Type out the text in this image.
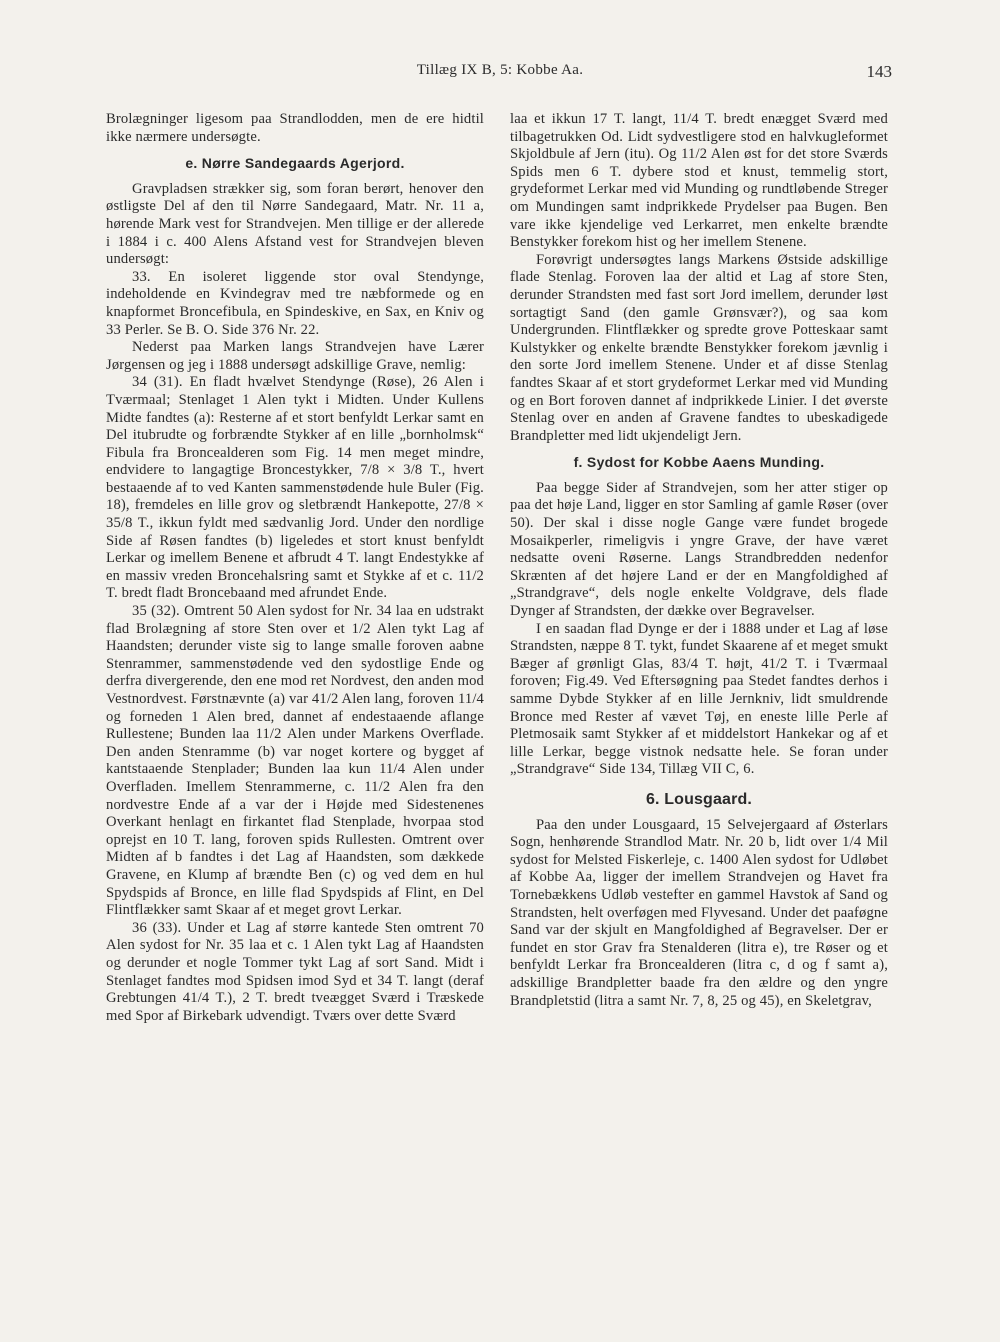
Tillæg IX B, 5: Kobbe Aa.	143

Brolægninger ligesom paa Strandlodden, men de ere hidtil ikke nærmere undersøgte.

e. Nørre Sandegaards Agerjord.

Gravpladsen strækker sig, som foran berørt, henover den østligste Del af den til Nørre Sandegaard, Matr. Nr. 11 a, hørende Mark vest for Strandvejen. Men tillige er der allerede i 1884 i c. 400 Alens Afstand vest for Strandvejen bleven undersøgt:

33. En isoleret liggende stor oval Stendynge, indeholdende en Kvindegrav med tre næbformede og en knapformet Broncefibula, en Spindeskive, en Sax, en Kniv og 33 Perler. Se B. O. Side 376 Nr. 22.

Nederst paa Marken langs Strandvejen have Lærer Jørgensen og jeg i 1888 undersøgt adskillige Grave, nemlig:

34 (31). En fladt hvælvet Stendynge (Røse), 26 Alen i Tværmaal; Stenlaget 1 Alen tykt i Midten. Under Kullens Midte fandtes (a): Resterne af et stort benfyldt Lerkar samt en Del itubrudte og forbrændte Stykker af en lille „bornholmsk“ Fibula fra Broncealderen som Fig. 14 men meget mindre, endvidere to langagtige Broncestykker, 7/8 × 3/8 T., hvert bestaaende af to ved Kanten sammenstødende hule Buler (Fig. 18), fremdeles en lille grov og sletbrændt Hankepotte, 27/8 × 35/8 T., ikkun fyldt med sædvanlig Jord. Under den nordlige Side af Røsen fandtes (b) ligeledes et stort knust benfyldt Lerkar og imellem Benene et afbrudt 4 T. langt Endestykke af en massiv vreden Broncehalsring samt et Stykke af et c. 11/2 T. bredt fladt Broncebaand med afrundet Ende.

35 (32). Omtrent 50 Alen sydost for Nr. 34 laa en udstrakt flad Brolægning af store Sten over et 1/2 Alen tykt Lag af Haandsten; derunder viste sig to lange smalle foroven aabne Stenrammer, sammenstødende ved den sydostlige Ende og derfra divergerende, den ene mod ret Nordvest, den anden mod Vestnordvest. Førstnævnte (a) var 41/2 Alen lang, foroven 11/4 og forneden 1 Alen bred, dannet af endestaaende aflange Rullestene; Bunden laa 11/2 Alen under Markens Overflade. Den anden Stenramme (b) var noget kortere og bygget af kantstaaende Stenplader; Bunden laa kun 11/4 Alen under Overfladen. Imellem Stenrammerne, c. 11/2 Alen fra den nordvestre Ende af a var der i Højde med Sidestenenes Overkant henlagt en firkantet flad Stenplade, hvorpaa stod oprejst en 10 T. lang, foroven spids Rullesten. Omtrent over Midten af b fandtes i det Lag af Haandsten, som dækkede Gravene, en Klump af brændte Ben (c) og ved dem en hul Spydspids af Bronce, en lille flad Spydspids af Flint, en Del Flintflækker samt Skaar af et meget grovt Lerkar.

36 (33). Under et Lag af større kantede Sten omtrent 70 Alen sydost for Nr. 35 laa et c. 1 Alen tykt Lag af Haandsten og derunder et nogle Tommer tykt Lag af sort Sand. Midt i Stenlaget fandtes mod Spidsen imod Syd et 34 T. langt (deraf Grebtungen 41/4 T.), 2 T. bredt tveægget Sværd i Træskede med Spor af Birkebark udvendigt. Tværs over dette Sværd

laa et ikkun 17 T. langt, 11/4 T. bredt enægget Sværd med tilbagetrukken Od. Lidt sydvestligere stod en halvkugleformet Skjoldbule af Jern (itu). Og 11/2 Alen øst for det store Sværds Spids men 6 T. dybere stod et knust, temmelig stort, grydeformet Lerkar med vid Munding og rundtløbende Streger om Mundingen samt indprikkede Prydelser paa Bugen. Ben vare ikke kjendelige ved Lerkarret, men enkelte brændte Benstykker forekom hist og her imellem Stenene.

Forøvrigt undersøgtes langs Markens Østside adskillige flade Stenlag. Foroven laa der altid et Lag af store Sten, derunder Strandsten med fast sort Jord imellem, derunder løst sortagtigt Sand (den gamle Grønsvær?), og saa kom Undergrunden. Flintflækker og spredte grove Potteskaar samt Kulstykker og enkelte brændte Benstykker forekom jævnlig i den sorte Jord imellem Stenene. Under et af disse Stenlag fandtes Skaar af et stort grydeformet Lerkar med vid Munding og en Bort foroven dannet af indprikkede Linier. I det øverste Stenlag over en anden af Gravene fandtes to ubeskadigede Brandpletter med lidt ukjendeligt Jern.

f. Sydost for Kobbe Aaens Munding.

Paa begge Sider af Strandvejen, som her atter stiger op paa det høje Land, ligger en stor Samling af gamle Røser (over 50). Der skal i disse nogle Gange være fundet brogede Mosaikperler, rimeligvis i yngre Grave, der have været nedsatte oveni Røserne. Langs Strandbredden nedenfor Skrænten af det højere Land er der en Mangfoldighed af „Strandgrave“, dels nogle enkelte Voldgrave, dels flade Dynger af Strandsten, der dække over Begravelser.

I en saadan flad Dynge er der i 1888 under et Lag af løse Strandsten, næppe 8 T. tykt, fundet Skaarene af et meget smukt Bæger af grønligt Glas, 83/4 T. højt, 41/2 T. i Tværmaal foroven; Fig.49. Ved Eftersøgning paa Stedet fandtes derhos i samme Dybde Stykker af en lille Jernkniv, lidt smuldrende Bronce med Rester af vævet Tøj, en eneste lille Perle af Pletmosaik samt Stykker af et middelstort Hankekar og af et lille Lerkar, begge vistnok nedsatte hele. Se foran under „Strandgrave“ Side 134, Tillæg VII C, 6.

6. Lousgaard.

Paa den under Lousgaard, 15 Selvejergaard af Østerlars Sogn, henhørende Strandlod Matr. Nr. 20 b, lidt over 1/4 Mil sydost for Melsted Fiskerleje, c. 1400 Alen sydost for Udløbet af Kobbe Aa, ligger der imellem Strandvejen og Havet fra Tornebækkens Udløb vestefter en gammel Havstok af Sand og Strandsten, helt overføgen med Flyvesand. Under det paaføgne Sand var der skjult en Mangfoldighed af Begravelser. Der er fundet en stor Grav fra Stenalderen (litra e), tre Røser og et benfyldt Lerkar fra Broncealderen (litra c, d og f samt a), adskillige Brandpletter baade fra den ældre og den yngre Brandpletstid (litra a samt Nr. 7, 8, 25 og 45), en Skeletgrav,
